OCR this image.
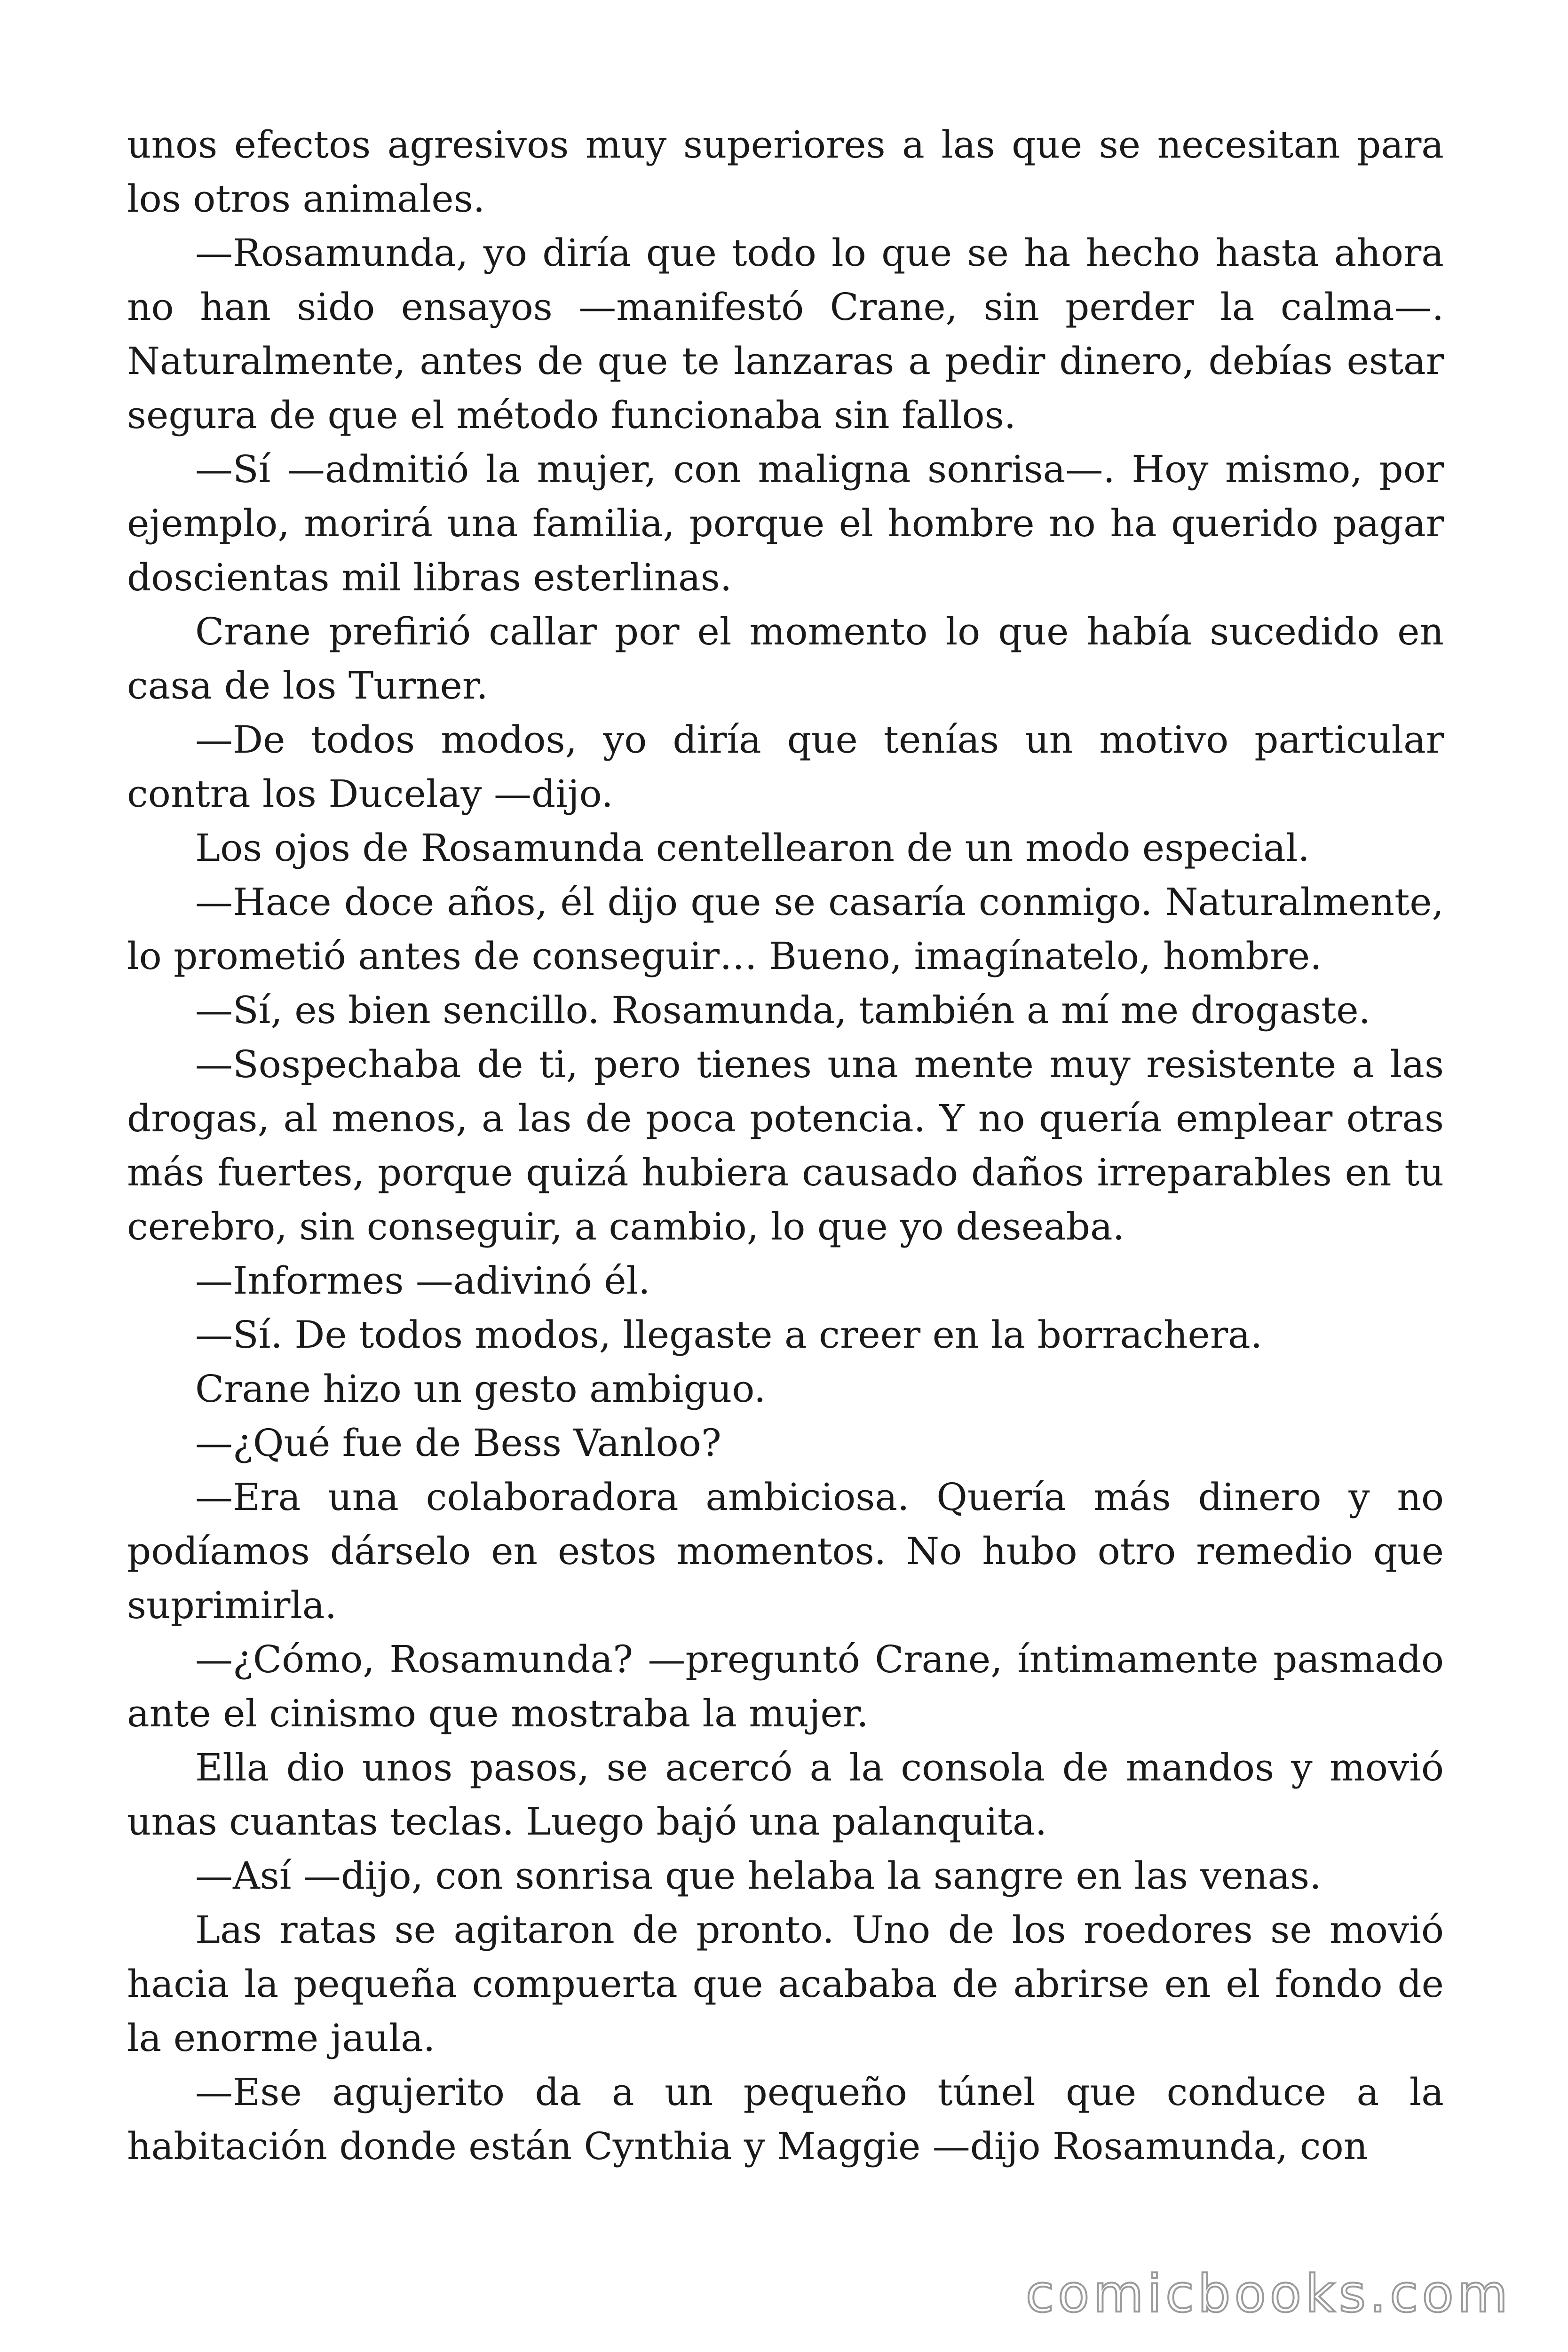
unos efectos agresivos muy superiores a las que se necesitan para los otros animales.

—Rosamunda, yo diría que todo lo que se ha hecho hasta ahora no han sido ensayos —manifestó Crane, sin perder la calma—. Naturalmente, antes de que te lanzaras a pedir dinero, debías estar segura de que el método funcionaba sin fallos.

—Sí —admitió la mujer, con maligna sonrisa—. Hoy mismo, por ejemplo, morirá una familia, porque el hombre no ha querido pagar doscientas mil libras esterlinas.

Crane prefirió callar por el momento lo que había sucedido en casa de los Turner.

—De todos modos, yo diría que tenías un motivo particular contra los Ducelay —dijo.

Los ojos de Rosamunda centellearon de un modo especial.

—Hace doce años, él dijo que se casaría conmigo. Naturalmente, lo prometió antes de conseguir… Bueno, imagínatelo, hombre.

—Sí, es bien sencillo. Rosamunda, también a mí me drogaste.

—Sospechaba de ti, pero tienes una mente muy resistente a las drogas, al menos, a las de poca potencia. Y no quería emplear otras más fuertes, porque quizá hubiera causado daños irreparables en tu cerebro, sin conseguir, a cambio, lo que yo deseaba.

—Informes —adivinó él.

—Sí. De todos modos, llegaste a creer en la borrachera.

Crane hizo un gesto ambiguo.

—¿Qué fue de Bess Vanloo?

—Era una colaboradora ambiciosa. Quería más dinero y no podíamos dárselo en estos momentos. No hubo otro remedio que suprimirla.

—¿Cómo, Rosamunda? —preguntó Crane, íntimamente pasmado ante el cinismo que mostraba la mujer.

Ella dio unos pasos, se acercó a la consola de mandos y movió unas cuantas teclas. Luego bajó una palanquita.

—Así —dijo, con sonrisa que helaba la sangre en las venas.

Las ratas se agitaron de pronto. Uno de los roedores se movió hacia la pequeña compuerta que acababa de abrirse en el fondo de la enorme jaula.

—Ese agujerito da a un pequeño túnel que conduce a la habitación donde están Cynthia y Maggie —dijo Rosamunda, con

comicbooks.com
